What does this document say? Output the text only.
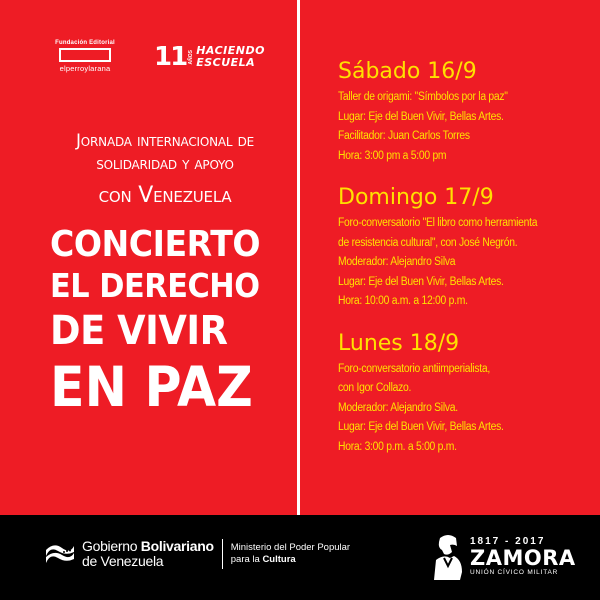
Fundación Editorial
elperroylarana	11 AÑOS HACIENDO
ESCUELA
Jornada internacional de
solidaridad y apoyo
con Venezuela
CONCIERTO
EL DERECHO
DE VIVIR
EN PAZ
Sábado 16/9

Taller de origami: "Símbolos por la paz"

Lugar: Eje del Buen Vivir, Bellas Artes.

Facilitador: Juan Carlos Torres

Hora: 3:00 pm a 5:00 pm

Domingo 17/9

Foro-conversatorio "El libro como herramienta

de resistencia cultural", con José Negrón.

Moderador: Alejandro Silva

Lugar: Eje del Buen Vivir, Bellas Artes.

Hora: 10:00 a.m. a 12:00 p.m.

Lunes 18/9

Foro-conversatorio antiimperialista,

con Igor Collazo.

Moderador: Alejandro Silva.

Lugar: Eje del Buen Vivir, Bellas Artes.

Hora: 3:00 p.m. a 5:00 p.m.

Gobierno Bolivariano
de Venezuela
Ministerio del Poder Popular
para la Cultura
1817 - 2017
ZAMORA
UNIÓN CÍVICO MILITAR
